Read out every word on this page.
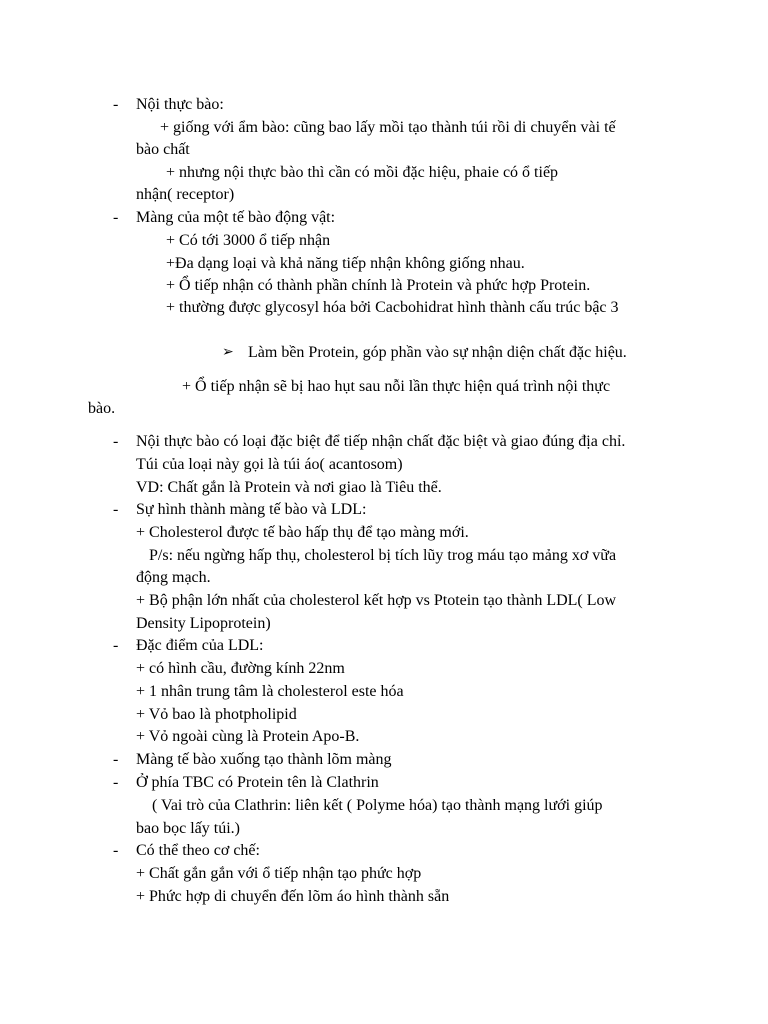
- Nội thực bào:
+ giống với ẩm bào: cũng bao lấy mồi tạo thành túi rồi di chuyển vài tế
bào chất
+ nhưng nội thực bào thì cần có mồi đặc hiệu, phaie có ổ tiếp
nhận( receptor)
- Màng của một tế bào động vật:
+ Có tới 3000 ổ tiếp nhận
+Đa dạng loại và khả năng tiếp nhận không giống nhau.
+ Ổ tiếp nhận có thành phần chính là Protein và phức hợp Protein.
+ thường được glycosyl hóa bởi Cacbohidrat hình thành cấu trúc bậc 3
➢ Làm bền Protein, góp phần vào sự nhận diện chất đặc hiệu.
+ Ổ tiếp nhận sẽ bị hao hụt sau nỗi lần thực hiện quá trình nội thực
bào.
- Nội thực bào có loại đặc biệt để tiếp nhận chất đặc biệt và giao đúng địa chỉ.
Túi của loại này gọi là túi áo( acantosom)
VD: Chất gắn là Protein và nơi giao là Tiêu thể.
- Sự hình thành màng tế bào và LDL:
+ Cholesterol được tế bào hấp thụ để tạo màng mới.
P/s: nếu ngừng hấp thụ, cholesterol bị tích lũy trog máu tạo mảng xơ vữa
động mạch.
+ Bộ phận lớn nhất của cholesterol kết hợp vs Ptotein tạo thành LDL( Low
Density Lipoprotein)
- Đặc điểm của LDL:
+ có hình cầu, đường kính 22nm
+ 1 nhân trung tâm là cholesterol este hóa
+ Vỏ bao là photpholipid
+ Vỏ ngoài cùng là Protein Apo-B.
- Màng tế bào xuống tạo thành lõm màng
- Ở phía TBC có Protein tên là Clathrin
( Vai trò của Clathrin: liên kết ( Polyme hóa) tạo thành mạng lưới giúp
bao bọc lấy túi.)
- Có thể theo cơ chế:
+ Chất gắn gắn với ổ tiếp nhận tạo phức hợp
+ Phức hợp di chuyển đến lõm áo hình thành sẵn
